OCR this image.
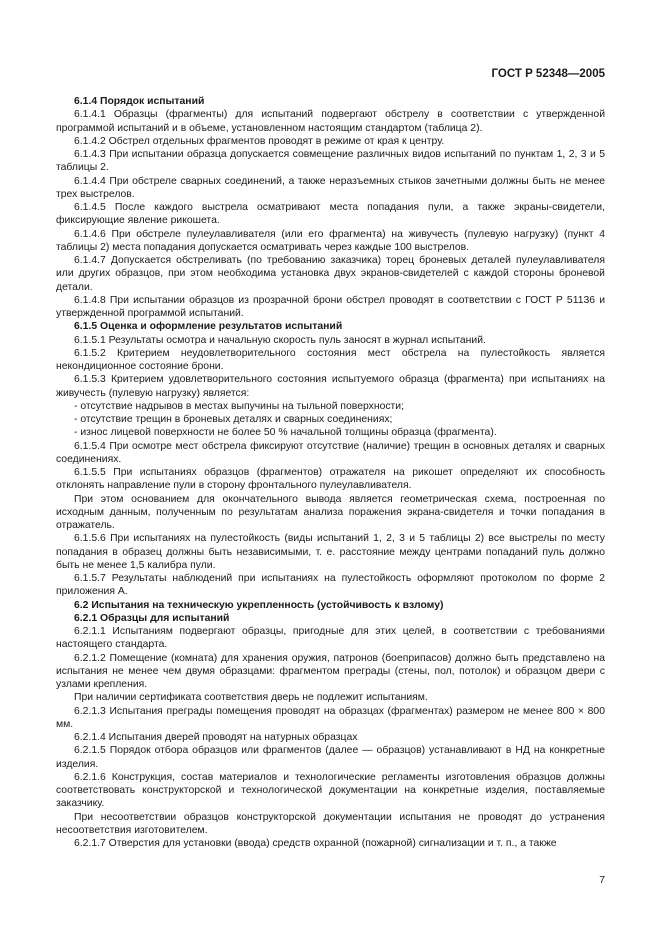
ГОСТ Р 52348—2005

6.1.4 Порядок испытаний

6.1.4.1 Образцы (фрагменты) для испытаний подвергают обстрелу в соответствии с утвержденной программой испытаний и в объеме, установленном настоящим стандартом (таблица 2).

6.1.4.2 Обстрел отдельных фрагментов проводят в режиме от края к центру.

6.1.4.3 При испытании образца допускается совмещение различных видов испытаний по пунктам 1, 2, 3 и 5 таблицы 2.

6.1.4.4 При обстреле сварных соединений, а также неразъемных стыков зачетными должны быть не менее трех выстрелов.

6.1.4.5 После каждого выстрела осматривают места попадания пули, а также экраны-свидетели, фиксирующие явление рикошета.

6.1.4.6 При обстреле пулеулавливателя (или его фрагмента) на живучесть (пулевую нагрузку) (пункт 4 таблицы 2) места попадания допускается осматривать через каждые 100 выстрелов.

6.1.4.7 Допускается обстреливать (по требованию заказчика) торец броневых деталей пулеулавливателя или других образцов, при этом необходима установка двух экранов-свидетелей с каждой стороны броневой детали.

6.1.4.8 При испытании образцов из прозрачной брони обстрел проводят в соответствии с ГОСТ Р 51136 и утвержденной программой испытаний.

6.1.5 Оценка и оформление результатов испытаний

6.1.5.1 Результаты осмотра и начальную скорость пуль заносят в журнал испытаний.

6.1.5.2 Критерием неудовлетворительного состояния мест обстрела на пулестойкость является некондиционное состояние брони.

6.1.5.3 Критерием удовлетворительного состояния испытуемого образца (фрагмента) при испытаниях на живучесть (пулевую нагрузку) является:

- отсутствие надрывов в местах выпучины на тыльной поверхности;

- отсутствие трещин в броневых деталях и сварных соединениях;

- износ лицевой поверхности не более 50 % начальной толщины образца (фрагмента).

6.1.5.4 При осмотре мест обстрела фиксируют отсутствие (наличие) трещин в основных деталях и сварных соединениях.

6.1.5.5 При испытаниях образцов (фрагментов) отражателя на рикошет определяют их способность отклонять направление пули в сторону фронтального пулеулавливателя.

При этом основанием для окончательного вывода является геометрическая схема, построенная по исходным данным, полученным по результатам анализа поражения экрана-свидетеля и точки попадания в отражатель.

6.1.5.6 При испытаниях на пулестойкость (виды испытаний 1, 2, 3 и 5 таблицы 2) все выстрелы по месту попадания в образец должны быть независимыми, т. е. расстояние между центрами попаданий пуль должно быть не менее 1,5 калибра пули.

6.1.5.7 Результаты наблюдений при испытаниях на пулестойкость оформляют протоколом по форме 2 приложения А.

6.2 Испытания на техническую укрепленность (устойчивость к взлому)

6.2.1 Образцы для испытаний

6.2.1.1 Испытаниям подвергают образцы, пригодные для этих целей, в соответствии с требованиями настоящего стандарта.

6.2.1.2 Помещение (комната) для хранения оружия, патронов (боеприпасов) должно быть представлено на испытания не менее чем двумя образцами: фрагментом преграды (стены, пол, потолок) и образцом двери с узлами крепления.

При наличии сертификата соответствия дверь не подлежит испытаниям.

6.2.1.3 Испытания преграды помещения проводят на образцах (фрагментах) размером не менее 800 × 800 мм.

6.2.1.4 Испытания дверей проводят на натурных образцах

6.2.1.5 Порядок отбора образцов или фрагментов (далее — образцов) устанавливают в НД на конкретные изделия.

6.2.1.6 Конструкция, состав материалов и технологические регламенты изготовления образцов должны соответствовать конструкторской и технологической документации на конкретные изделия, поставляемые заказчику.

При несоответствии образцов конструкторской документации испытания не проводят до устранения несоответствия изготовителем.

6.2.1.7 Отверстия для установки (ввода) средств охранной (пожарной) сигнализации и т. п., а также

7
